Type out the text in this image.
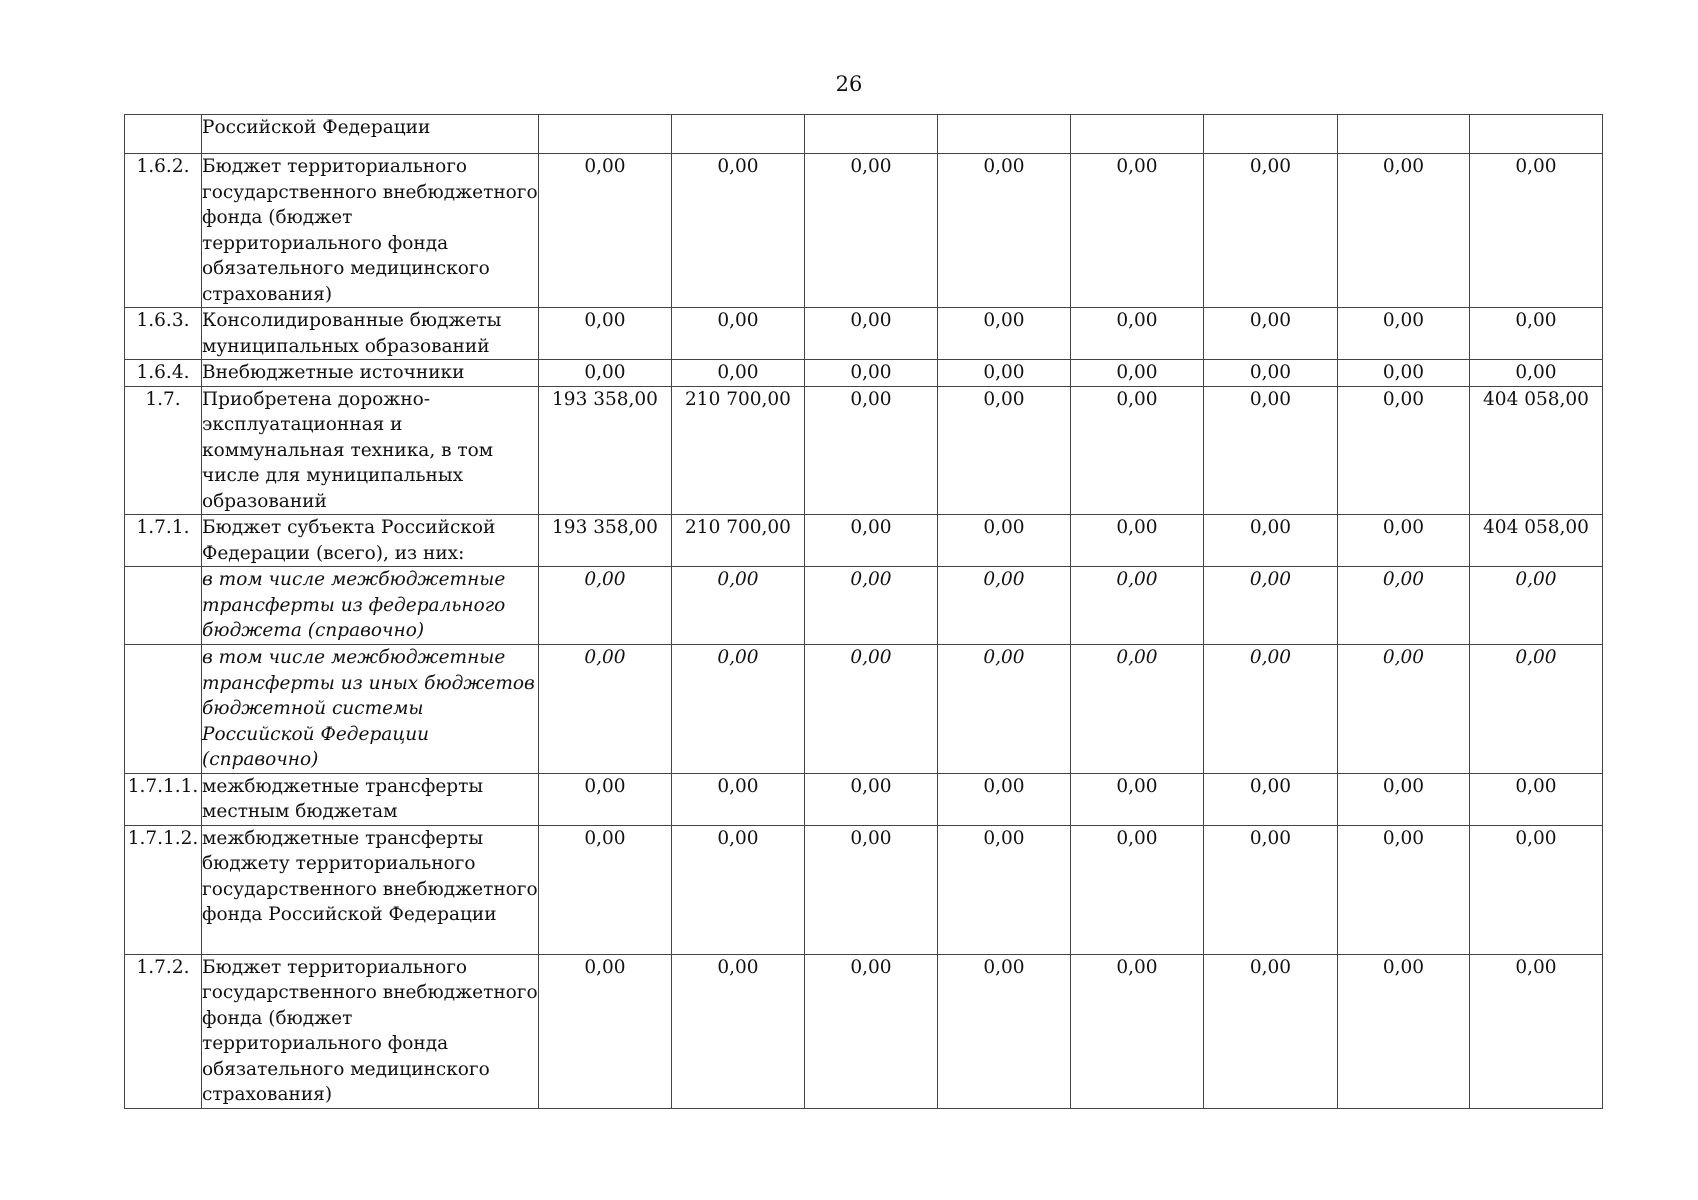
26
	Российской Федерации								
1.6.2.	Бюджет территориального государственного внебюджетного фонда (бюджет территориального фонда обязательного медицинского страхования)	0,00	0,00	0,00	0,00	0,00	0,00	0,00	0,00
1.6.3.	Консолидированные бюджеты муниципальных образований	0,00	0,00	0,00	0,00	0,00	0,00	0,00	0,00
1.6.4.	Внебюджетные источники	0,00	0,00	0,00	0,00	0,00	0,00	0,00	0,00
1.7.	Приобретена дорожно-эксплуатационная и коммунальная техника, в том числе для муниципальных образований	193 358,00	210 700,00	0,00	0,00	0,00	0,00	0,00	404 058,00
1.7.1.	Бюджет субъекта Российской Федерации (всего), из них:	193 358,00	210 700,00	0,00	0,00	0,00	0,00	0,00	404 058,00
	в том числе межбюджетные трансферты из федерального бюджета (справочно)	0,00	0,00	0,00	0,00	0,00	0,00	0,00	0,00
	в том числе межбюджетные трансферты из иных бюджетов бюджетной системы Российской Федерации (справочно)	0,00	0,00	0,00	0,00	0,00	0,00	0,00	0,00
1.7.1.1.	межбюджетные трансферты местным бюджетам	0,00	0,00	0,00	0,00	0,00	0,00	0,00	0,00
1.7.1.2.	межбюджетные трансферты бюджету территориального государственного внебюджетного фонда Российской Федерации	0,00	0,00	0,00	0,00	0,00	0,00	0,00	0,00
1.7.2.	Бюджет территориального государственного внебюджетного фонда (бюджет территориального фонда обязательного медицинского страхования)	0,00	0,00	0,00	0,00	0,00	0,00	0,00	0,00
